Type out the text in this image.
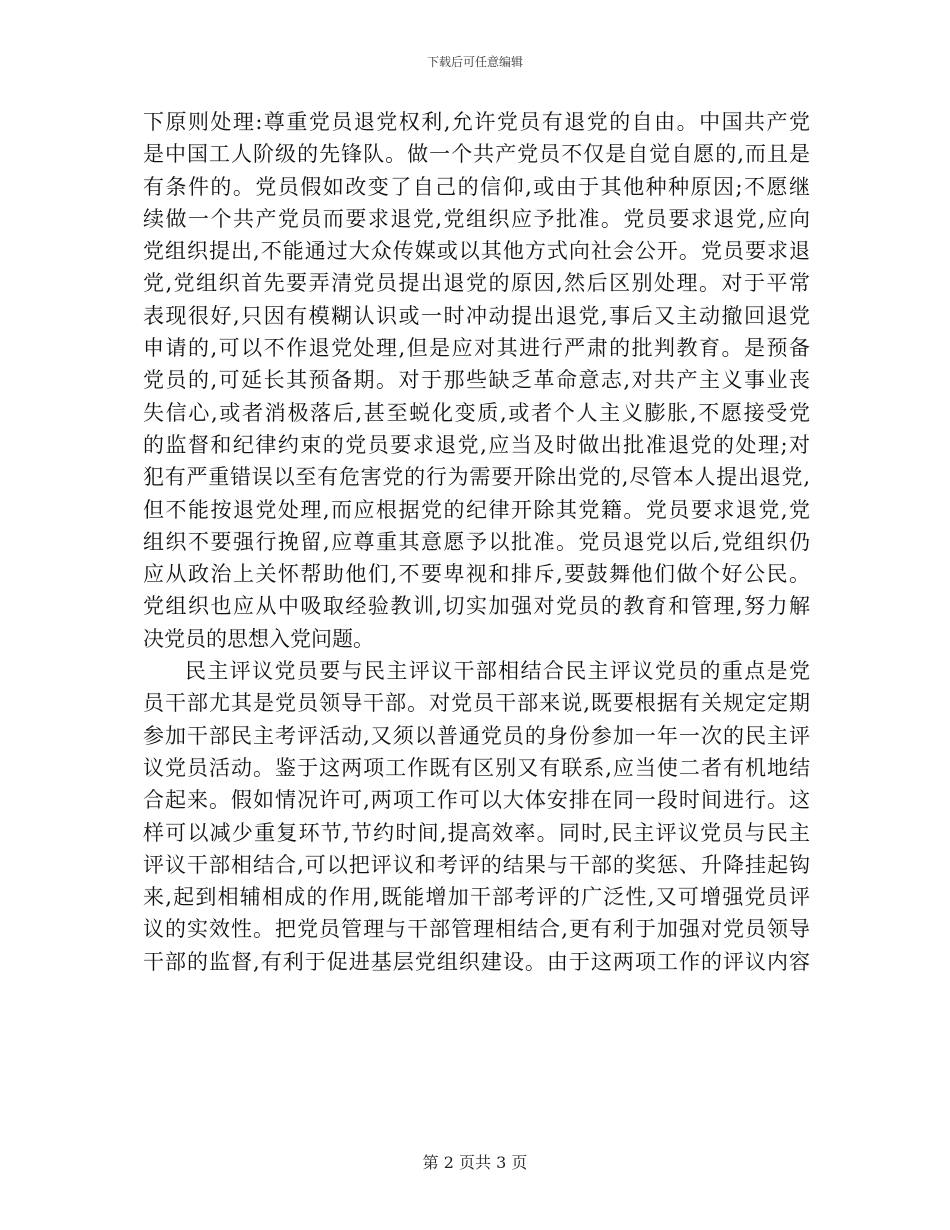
下载后可任意编辑
下原则处理:尊重党员退党权利,允许党员有退党的自由。中国共产党
是中国工人阶级的先锋队。做一个共产党员不仅是自觉自愿的,而且是
有条件的。党员假如改变了自己的信仰,或由于其他种种原因;不愿继
续做一个共产党员而要求退党,党组织应予批准。党员要求退党,应向
党组织提出,不能通过大众传媒或以其他方式向社会公开。党员要求退
党,党组织首先要弄清党员提出退党的原因,然后区别处理。对于平常
表现很好,只因有模糊认识或一时冲动提出退党,事后又主动撤回退党
申请的,可以不作退党处理,但是应对其进行严肃的批判教育。是预备
党员的,可延长其预备期。对于那些缺乏革命意志,对共产主义事业丧
失信心,或者消极落后,甚至蜕化变质,或者个人主义膨胀,不愿接受党
的监督和纪律约束的党员要求退党,应当及时做出批准退党的处理;对
犯有严重错误以至有危害党的行为需要开除出党的,尽管本人提出退党,
但不能按退党处理,而应根据党的纪律开除其党籍。党员要求退党,党
组织不要强行挽留,应尊重其意愿予以批准。党员退党以后,党组织仍
应从政治上关怀帮助他们,不要卑视和排斥,要鼓舞他们做个好公民。
党组织也应从中吸取经验教训,切实加强对党员的教育和管理,努力解
决党员的思想入党问题。
民主评议党员要与民主评议干部相结合民主评议党员的重点是党
员干部尤其是党员领导干部。对党员干部来说,既要根据有关规定定期
参加干部民主考评活动,又须以普通党员的身份参加一年一次的民主评
议党员活动。鉴于这两项工作既有区别又有联系,应当使二者有机地结
合起来。假如情况许可,两项工作可以大体安排在同一段时间进行。这
样可以减少重复环节,节约时间,提高效率。同时,民主评议党员与民主
评议干部相结合,可以把评议和考评的结果与干部的奖惩、升降挂起钩
来,起到相辅相成的作用,既能增加干部考评的广泛性,又可增强党员评
议的实效性。把党员管理与干部管理相结合,更有利于加强对党员领导
干部的监督,有利于促进基层党组织建设。由于这两项工作的评议内容
第 2 页共 3 页
